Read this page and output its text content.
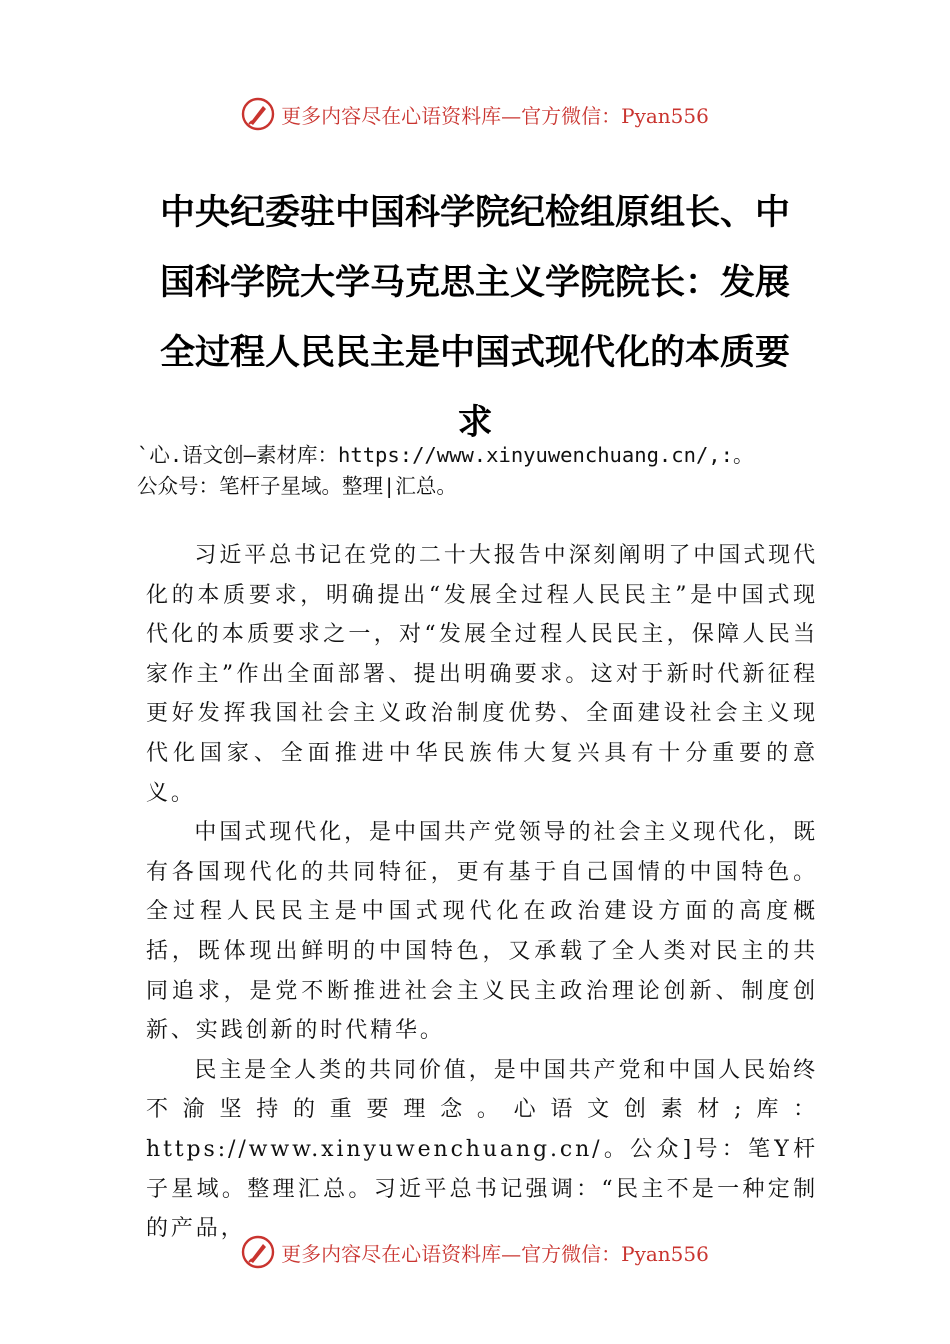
更多内容尽在心语资料库—官方微信：Pyan556
中央纪委驻中国科学院纪检组原组长、中国科学院大学马克思主义学院院长：发展全过程人民民主是中国式现代化的本质要求
`心.语文创—素材库：https://www.xinyuwenchuang.cn/,:。
公众号：笔杆子星域。整理|汇总。

习近平总书记在党的二十大报告中深刻阐明了中国式现代化的本质要求，明确提出“发展全过程人民民主”是中国式现代化的本质要求之一，对“发展全过程人民民主，保障人民当家作主”作出全面部署、提出明确要求。这对于新时代新征程更好发挥我国社会主义政治制度优势、全面建设社会主义现代化国家、全面推进中华民族伟大复兴具有十分重要的意义。

中国式现代化，是中国共产党领导的社会主义现代化，既有各国现代化的共同特征，更有基于自己国情的中国特色。全过程人民民主是中国式现代化在政治建设方面的高度概括，既体现出鲜明的中国特色，又承载了全人类对民主的共 同追求，是党不断推进社会主义民主政治理论创新、制度创 新、实践创新的时代精华。

民主是全人类的共同价值，是中国共产党和中国人民始终不渝坚持的重要理念。心语文创素材;库：https://www.xinyuwenchuang.cn/。公众]号：笔Y杆子星域。整理汇总。习近平总书记强调：“民主不是一种定制的产品，

更多内容尽在心语资料库—官方微信：Pyan556
